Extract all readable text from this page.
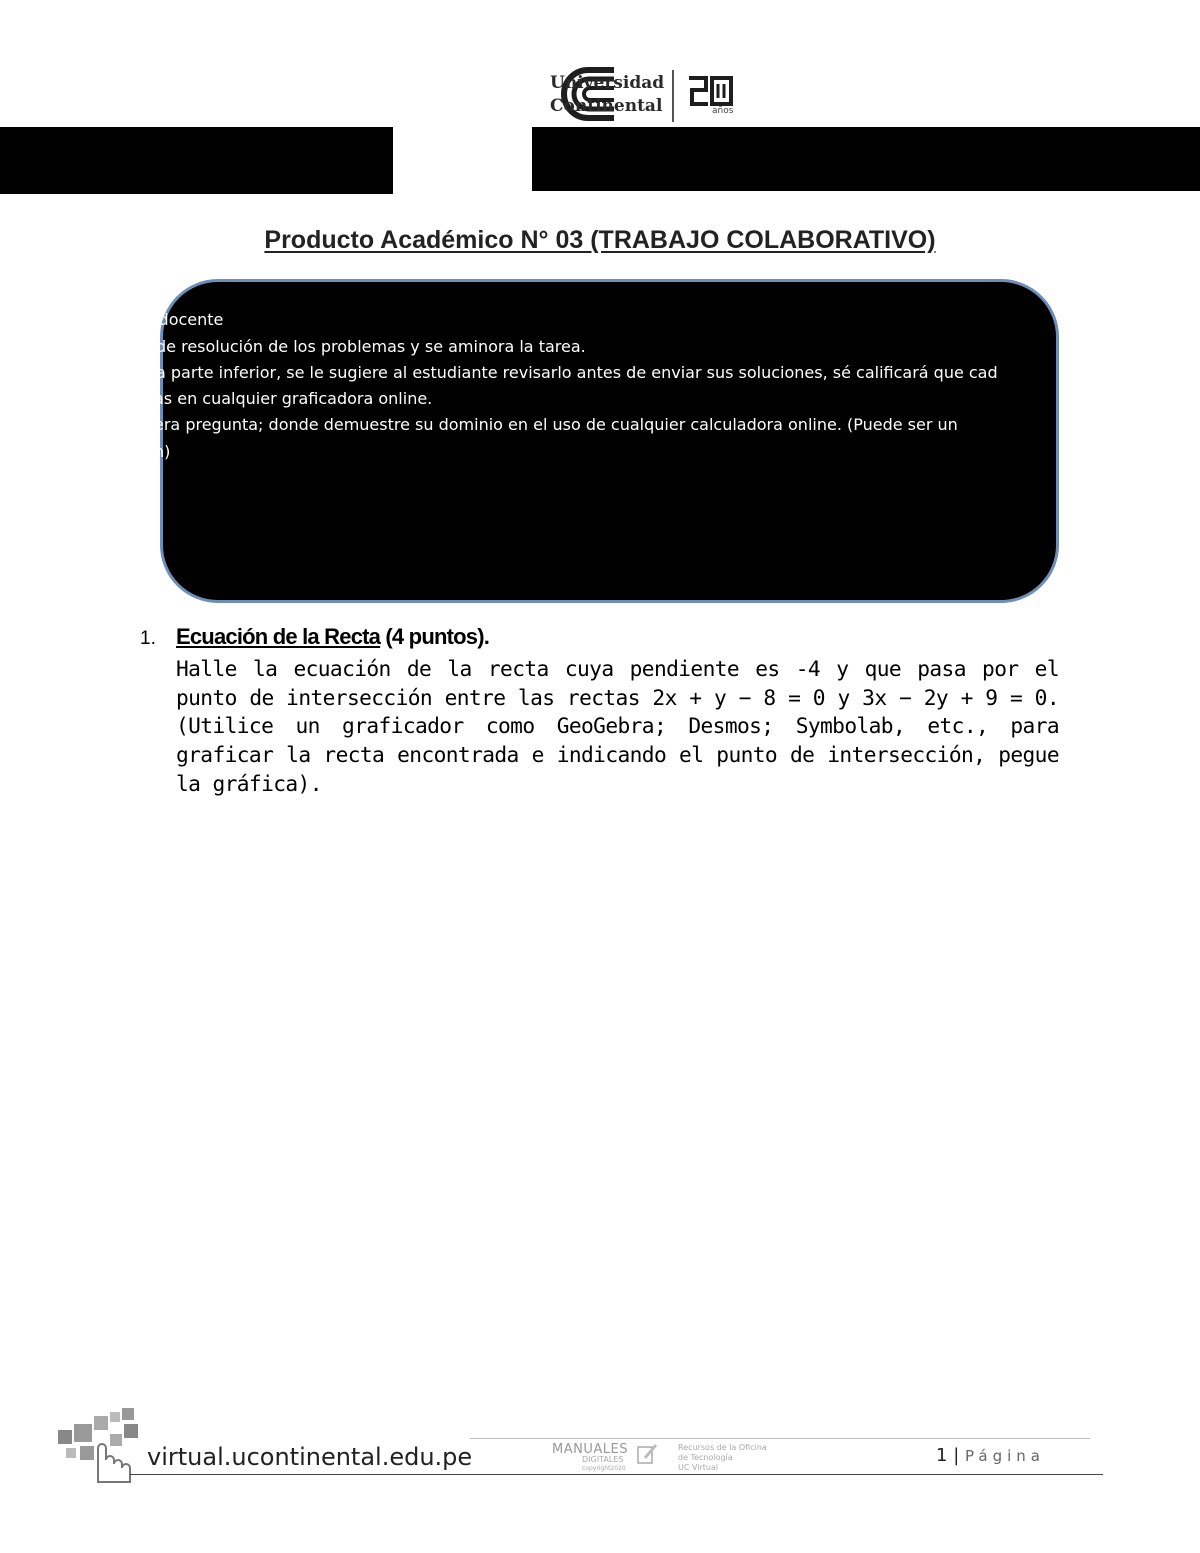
Universidad
Continental	años
Producto Académico N° 03 (TRABAJO COLABORATIVO)
l docente
de resolución de los problemas y se aminora la tarea.
a parte inferior, se le sugiere al estudiante revisarlo antes de enviar sus soluciones, sé calificará que cad
as en cualquier graficadora online.
era pregunta; donde demuestre su dominio en el uso de cualquier calculadora online. (Puede ser un
n)
1. Ecuación de la Recta (4 puntos).
Halle la ecuación de la recta cuya pendiente es -4 y que pasa por el punto de intersección entre las rectas 2x + y − 8 = 0 y 3x − 2y + 9 = 0. (Utilice un graficador como GeoGebra; Desmos; Symbolab, etc., para graficar la recta encontrada e indicando el punto de intersección, pegue la gráfica).
virtual.ucontinental.edu.pe	MANUALES
DIGITALES
copyright2020
Recursos de la Oficina
de Tecnología
UC Virtual
1 | Página
